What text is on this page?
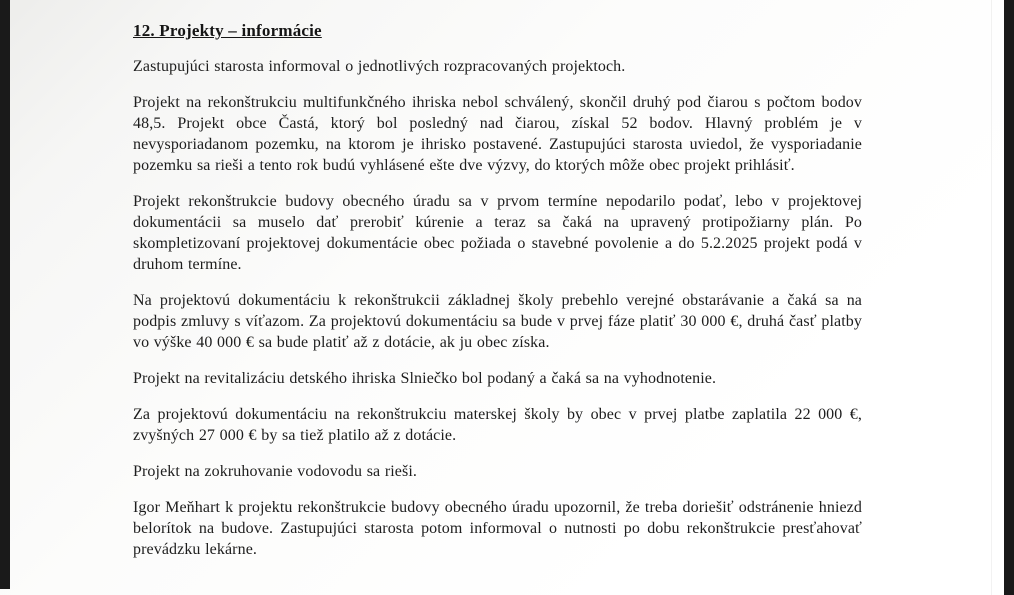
12. Projekty – informácie

Zastupujúci starosta informoval o jednotlivých rozpracovaných projektoch.

Projekt na rekonštrukciu multifunkčného ihriska nebol schválený, skončil druhý pod čiarou s počtom bodov 48,5. Projekt obce Častá, ktorý bol posledný nad čiarou, získal 52 bodov. Hlavný problém je v nevysporiadanom pozemku, na ktorom je ihrisko postavené. Zastupujúci starosta uviedol, že vysporiadanie pozemku sa rieši a tento rok budú vyhlásené ešte dve výzvy, do ktorých môže obec projekt prihlásiť.

Projekt rekonštrukcie budovy obecného úradu sa v prvom termíne nepodarilo podať, lebo v projektovej dokumentácii sa muselo dať prerobiť kúrenie a teraz sa čaká na upravený protipožiarny plán. Po skompletizovaní projektovej dokumentácie obec požiada o stavebné povolenie a do 5.2.2025 projekt podá v druhom termíne.

Na projektovú dokumentáciu k rekonštrukcii základnej školy prebehlo verejné obstarávanie a čaká sa na podpis zmluvy s víťazom. Za projektovú dokumentáciu sa bude v prvej fáze platiť 30 000 €, druhá časť platby vo výške 40 000 € sa bude platiť až z dotácie, ak ju obec získa.

Projekt na revitalizáciu detského ihriska Slniečko bol podaný a čaká sa na vyhodnotenie.

Za projektovú dokumentáciu na rekonštrukciu materskej školy by obec v prvej platbe zaplatila 22 000 €, zvyšných 27 000 € by sa tiež platilo až z dotácie.

Projekt na zokruhovanie vodovodu sa rieši.

Igor Meňhart k projektu rekonštrukcie budovy obecného úradu upozornil, že treba doriešiť odstránenie hniezd belorítok na budove. Zastupujúci starosta potom informoval o nutnosti po dobu rekonštrukcie presťahovať prevádzku lekárne.
